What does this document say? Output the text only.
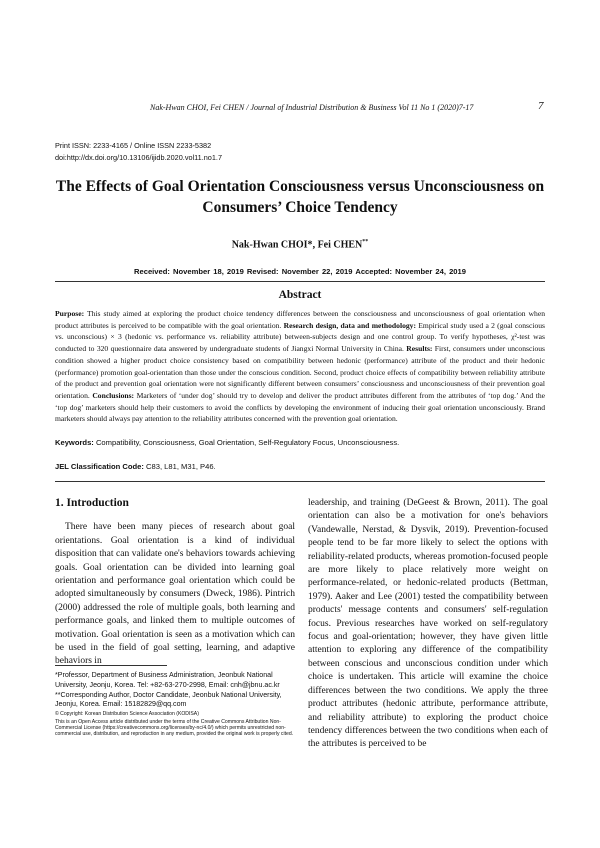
Nak-Hwan CHOI, Fei CHEN / Journal of Industrial Distribution & Business Vol 11 No 1 (2020)7-17	7
Print ISSN: 2233-4165 / Online ISSN 2233-5382
doi:http://dx.doi.org/10.13106/ijidb.2020.vol11.no1.7
The Effects of Goal Orientation Consciousness versus Unconsciousness on
Consumers’ Choice Tendency
Nak-Hwan CHOI*, Fei CHEN**
Received: November 18, 2019 Revised: November 22, 2019 Accepted: November 24, 2019
Abstract
Purpose: This study aimed at exploring the product choice tendency differences between the consciousness and unconsciousness of goal orientation when product attributes is perceived to be compatible with the goal orientation. Research design, data and methodology: Empirical study used a 2 (goal conscious vs. unconscious) × 3 (hedonic vs. performance vs. reliability attribute) between-subjects design and one control group. To verify hypotheses, χ²-test was conducted to 320 questionnaire data answered by undergraduate students of Jiangxi Normal University in China. Results: First, consumers under unconscious condition showed a higher product choice consistency based on compatibility between hedonic (performance) attribute of the product and their hedonic (performance) promotion goal-orientation than those under the conscious condition. Second, product choice effects of compatibility between reliability attribute of the product and prevention goal orientation were not significantly different between consumers’ consciousness and unconsciousness of their prevention goal orientation. Conclusions: Marketers of ‘under dog’ should try to develop and deliver the product attributes different from the attributes of ‘top dog.’ And the ‘top dog’ marketers should help their customers to avoid the conflicts by developing the environment of inducing their goal orientation unconsciously. Brand marketers should always pay attention to the reliability attributes concerned with the prevention goal orientation.
Keywords: Compatibility, Consciousness, Goal Orientation, Self-Regulatory Focus, Unconsciousness.
JEL Classification Code: C83, L81, M31, P46.
1. Introduction
There have been many pieces of research about goal orientations. Goal orientation is a kind of individual disposition that can validate one's behaviors towards achieving goals. Goal orientation can be divided into learning goal orientation and performance goal orientation which could be adopted simultaneously by consumers (Dweck, 1986). Pintrich (2000) addressed the role of multiple goals, both learning and performance goals, and linked them to multiple outcomes of motivation. Goal orientation is seen as a motivation which can be used in the field of goal setting, learning, and adaptive behaviors in
leadership, and training (DeGeest & Brown, 2011). The goal orientation can also be a motivation for one's behaviors (Vandewalle, Nerstad, & Dysvik, 2019). Prevention-focused people tend to be far more likely to select the options with reliability-related products, whereas promotion-focused people are more likely to place relatively more weight on performance-related, or hedonic-related products (Bettman, 1979). Aaker and Lee (2001) tested the compatibility between products' message contents and consumers' self-regulation focus. Previous researches have worked on self-regulatory focus and goal-orientation; however, they have given little attention to exploring any difference of the compatibility between conscious and unconscious condition under which choice is undertaken. This article will examine the choice differences between the two conditions. We apply the three product attributes (hedonic attribute, performance attribute, and reliability attribute) to exploring the product choice tendency differences between the two conditions when each of the attributes is perceived to be
*Professor, Department of Business Administration, Jeonbuk National University, Jeonju, Korea. Tel: +82-63-270-2998, Email: cnh@jbnu.ac.kr
**Corresponding Author, Doctor Candidate, Jeonbuk National University, Jeonju, Korea. Email: 15182829@qq.com
© Copyright: Korean Distribution Science Association (KODISA)
This is an Open Access article distributed under the terms of the Creative Commons Attribution Non-Commercial License (https://creativecommons.org/licenses/by-nc/4.0/) which permits unrestricted non-commercial use, distribution, and reproduction in any medium, provided the original work is properly cited.
